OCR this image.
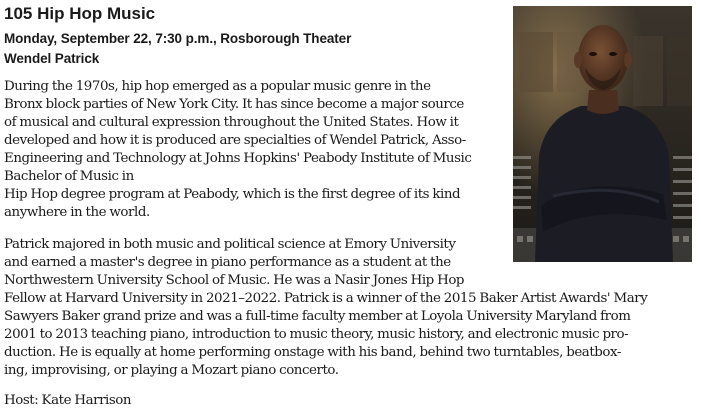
105 Hip Hop Music
Monday, September 22, 7:30 p.m., Rosborough Theater
Wendel Patrick
During the 1970s, hip hop emerged as a popular music genre in the
Bronx block parties of New York City. It has since become a major source
of musical and cultural expression throughout the United States. How it
developed and how it is produced are specialties of Wendel Patrick, Asso-
Engineering and Technology at Johns Hopkins' Peabody Institute of Music
Bachelor of Music in
Hip Hop degree program at Peabody, which is the first degree of its kind
anywhere in the world.
Patrick majored in both music and political science at Emory University
and earned a master's degree in piano performance as a student at the
Northwestern University School of Music. He was a Nasir Jones Hip Hop
Fellow at Harvard University in 2021–2022. Patrick is a winner of the 2015 Baker Artist Awards' Mary
Sawyers Baker grand prize and was a full-time faculty member at Loyola University Maryland from
2001 to 2013 teaching piano, introduction to music theory, music history, and electronic music pro-
duction. He is equally at home performing onstage with his band, behind two turntables, beatbox-
ing, improvising, or playing a Mozart piano concerto.
Host: Kate Harrison
